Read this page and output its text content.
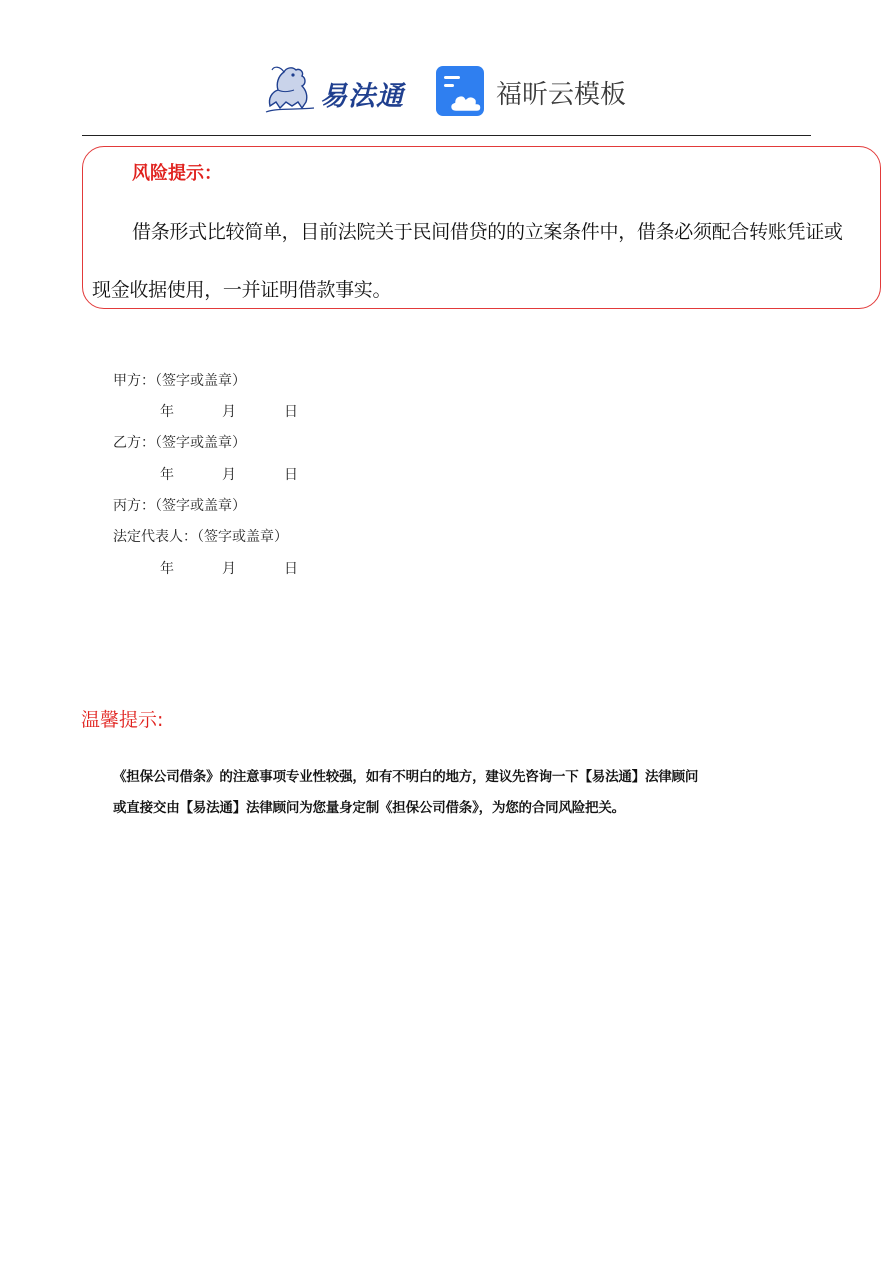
易法通	福昕云模板
风险提示：
借条形式比较简单，目前法院关于民间借贷的的立案条件中，借条必须配合转账凭证或
现金收据使用，一并证明借款事实。
甲方：（签字或盖章）
年	月	日
乙方：（签字或盖章）
年	月	日
丙方：（签字或盖章）
法定代表人：（签字或盖章）
年	月	日
温馨提示:
《担保公司借条》的注意事项专业性较强，如有不明白的地方，建议先咨询一下【易法通】法律顾问
或直接交由【易法通】法律顾问为您量身定制《担保公司借条》，为您的合同风险把关。
